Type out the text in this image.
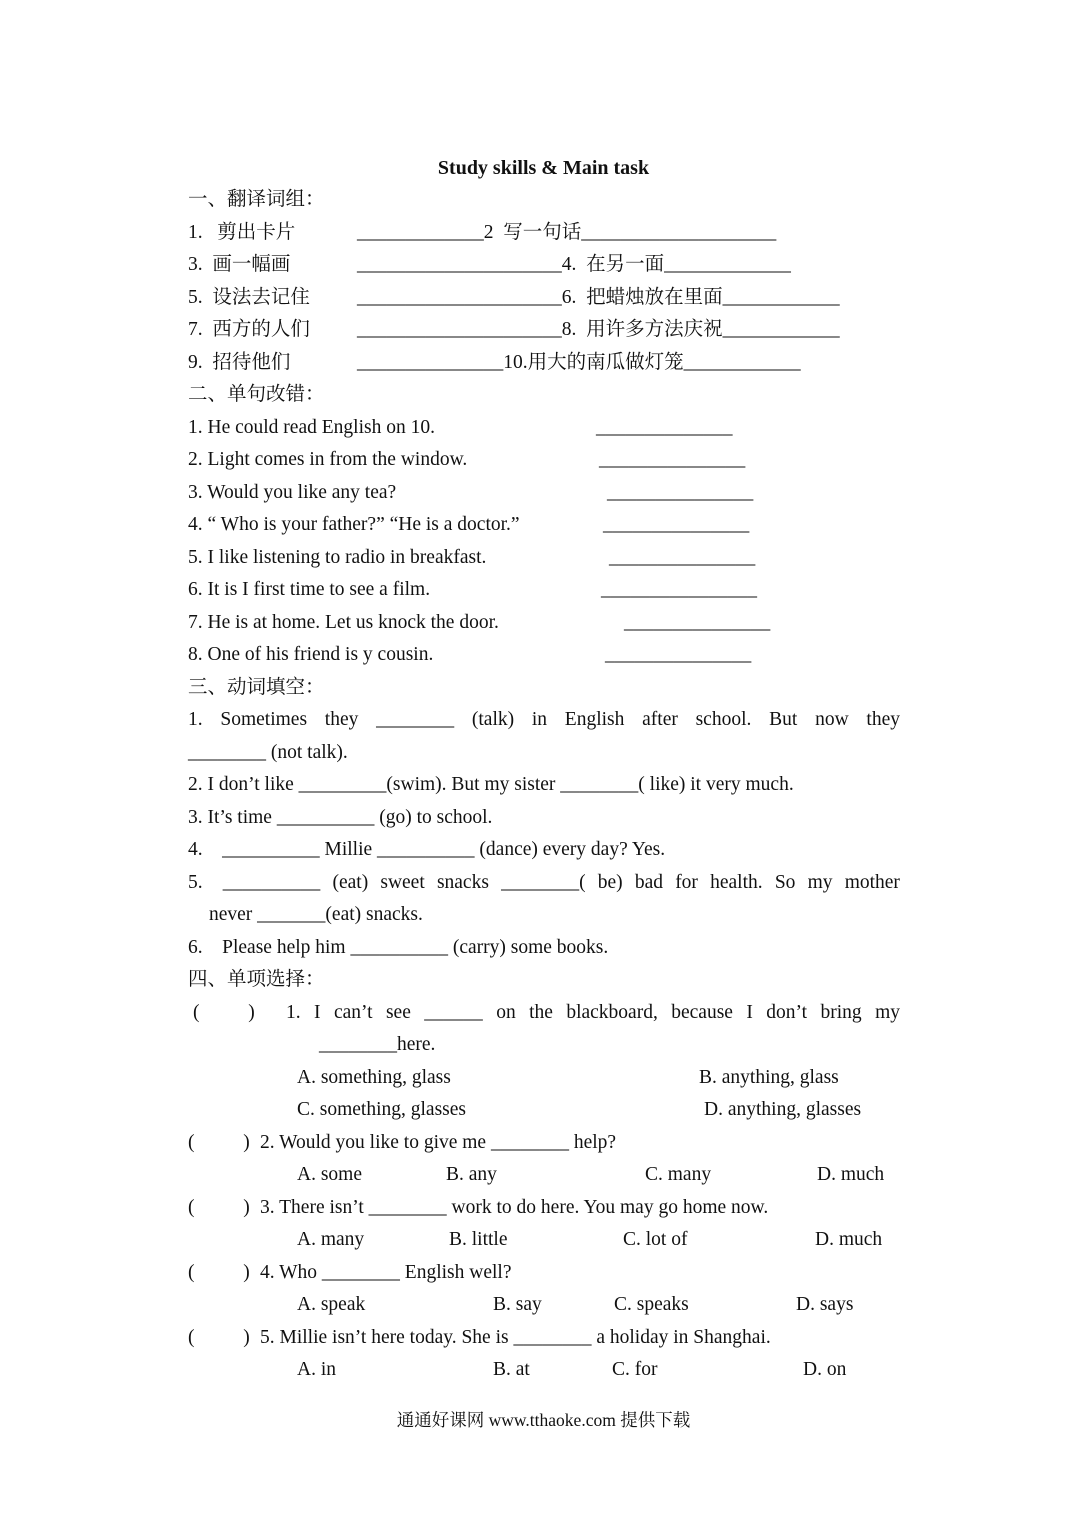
Study skills & Main task
一、翻译词组：
1.   剪出卡片	_____________2  写一句话____________________
3.  画一幅画	_____________________4.  在另一面_____________
5.  设法去记住 _____________________6.  把蜡烛放在里面____________
7.  西方的人们 _____________________8.  用许多方法庆祝____________
9.  招待他们	_______________10.用大的南瓜做灯笼____________
二、单句改错：
1. He could read English on 10.	______________
2. Light comes in from the window.	_______________
3. Would you like any tea?	_______________
4. “ Who is your father?” “He is a doctor.”	_______________
5. I like listening to radio in breakfast.	_______________
6. It is I first time to see a film.	________________
7. He is at home. Let us knock the door.	_______________
8. One of his friend is y cousin.	_______________
三、动词填空：
1. Sometimes they ________ (talk) in English after school. But now they
________ (not talk).
2. I don’t like _________(swim). But my sister ________( like) it very much.
3. It’s time __________ (go) to school.
4.    __________ Millie __________ (dance) every day? Yes.
5. __________ (eat) sweet snacks ________( be) bad for health. So my mother
never _______(eat) snacks.
6.    Please help him __________ (carry) some books.
四、单项选择：
(          ) 1. I can’t see ______ on the blackboard, because I don’t bring my
________here.
A. something, glass	B. anything, glass
C. something, glasses	D. anything, glasses
(          ) 2. Would you like to give me ________ help?
A. some	B. any	C. many	D. much
(          ) 3. There isn’t ________ work to do here. You may go home now.
A. many	B. little	C. lot of	D. much
(          ) 4. Who ________ English well?
A. speak	B. say	C. speaks	D. says
(          ) 5. Millie isn’t here today. She is ________ a holiday in Shanghai.
A. in	B. at	C. for	D. on
通通好课网 www.tthaoke.com 提供下载
